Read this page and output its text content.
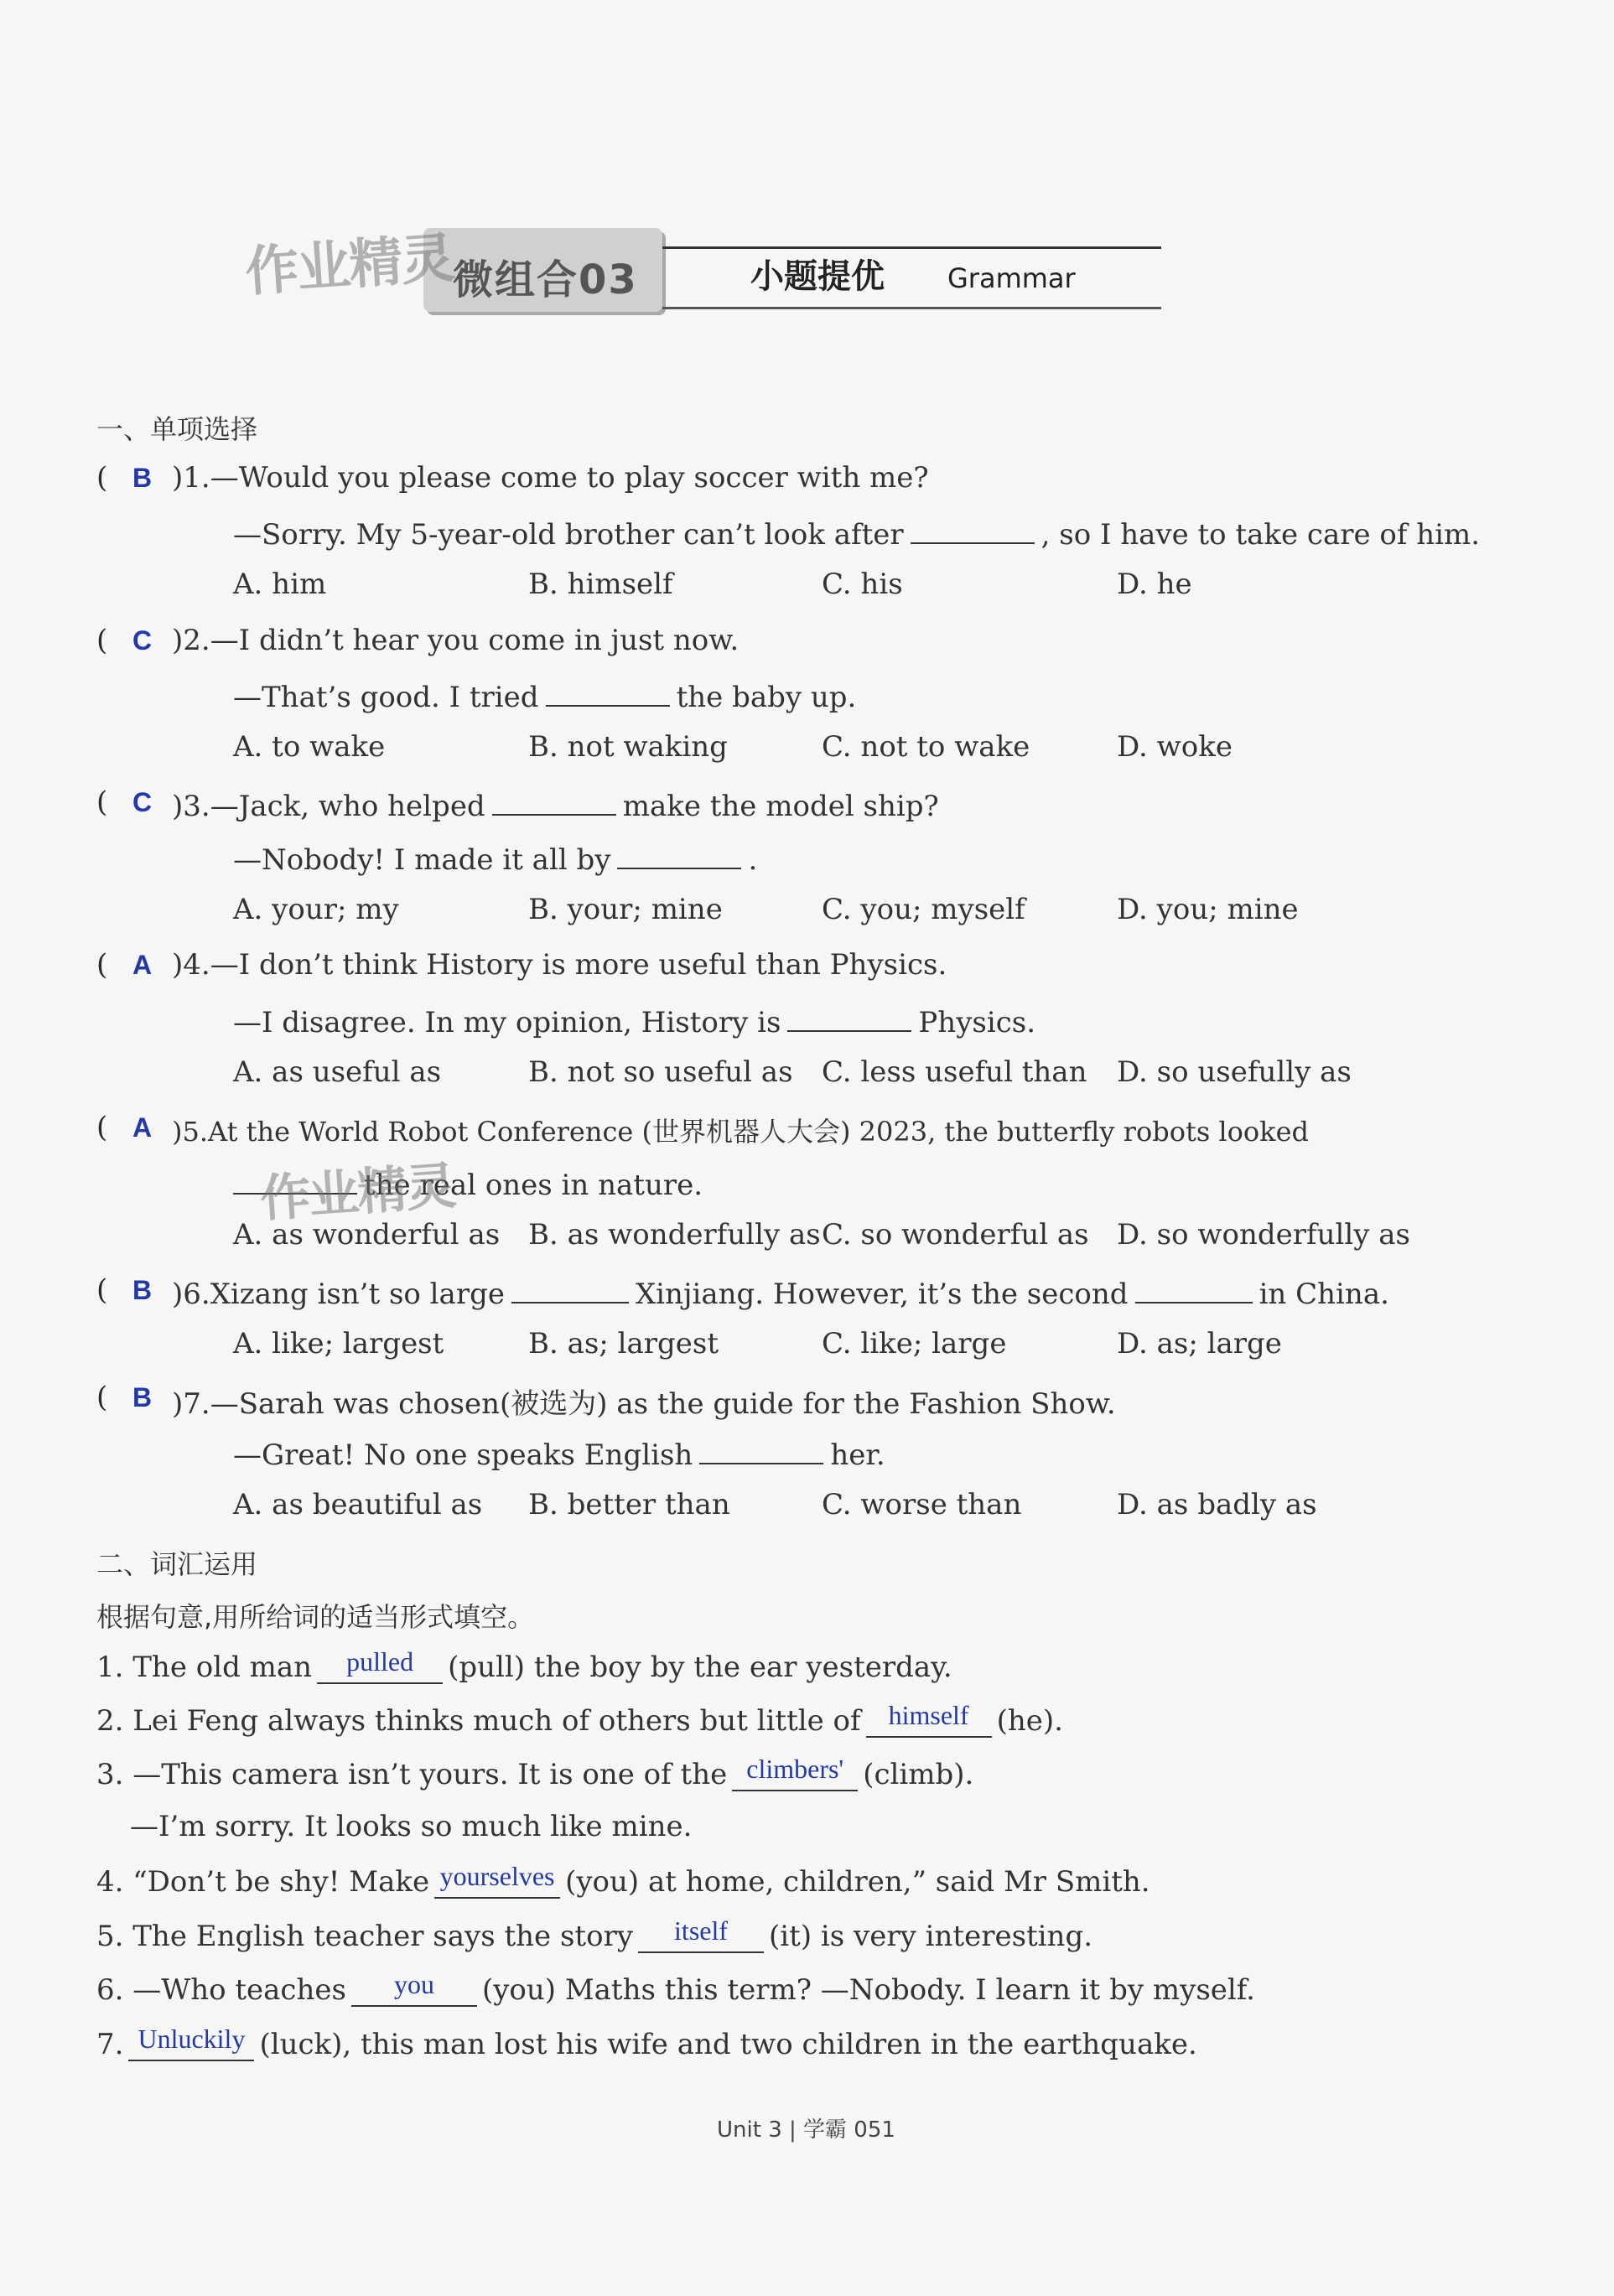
微组合03
作业精灵	小题提优 Grammar
一、单项选择
( B )1.—Would you please come to play soccer with me?
—Sorry. My 5-year-old brother can’t look after	, so I have to take care of him.
A. him	B. himself	C. his	D. he
( C )2.—I didn’t hear you come in just now.
—That’s good. I tried	the baby up.
A. to wake	B. not waking	C. not to wake	D. woke
( C )3.—Jack, who helped	make the model ship?
—Nobody! I made it all by	.
A. your; my	B. your; mine	C. you; myself	D. you; mine
( A )4.—I don’t think History is more useful than Physics.
—I disagree. In my opinion, History is	Physics.
A. as useful as	B. not so useful as C. less useful than D. so usefully as
( A )5.At the World Robot Conference (世界机器人大会) 2023, the butterfly robots looked
the real ones in nature.
作业精灵
A. as wonderful as B. as wonderfully as C. so wonderful as D. so wonderfully as
( B )6.Xizang isn’t so large	Xinjiang. However, it’s the second	in China.
A. like; largest	B. as; largest	C. like; large	D. as; large
( B )7.—Sarah was chosen(被选为) as the guide for the Fashion Show.
—Great! No one speaks English	her.
A. as beautiful as B. better than	C. worse than	D. as badly as
二、词汇运用
根据句意,用所给词的适当形式填空。
1. The old man	pulled	(pull) the boy by the ear yesterday.
2. Lei Feng always thinks much of others but little of	himself (he).
3. —This camera isn’t yours. It is one of the climbers' (climb).
—I’m sorry. It looks so much like mine.
4. “Don’t be shy! Make yourselves (you) at home, children,” said Mr Smith.
5. The English teacher says the story	itself	(it) is very interesting.
6. —Who teaches	you	(you) Maths this term? —Nobody. I learn it by myself.
7. Unluckily (luck), this man lost his wife and two children in the earthquake.
Unit 3 | 学霸 051
